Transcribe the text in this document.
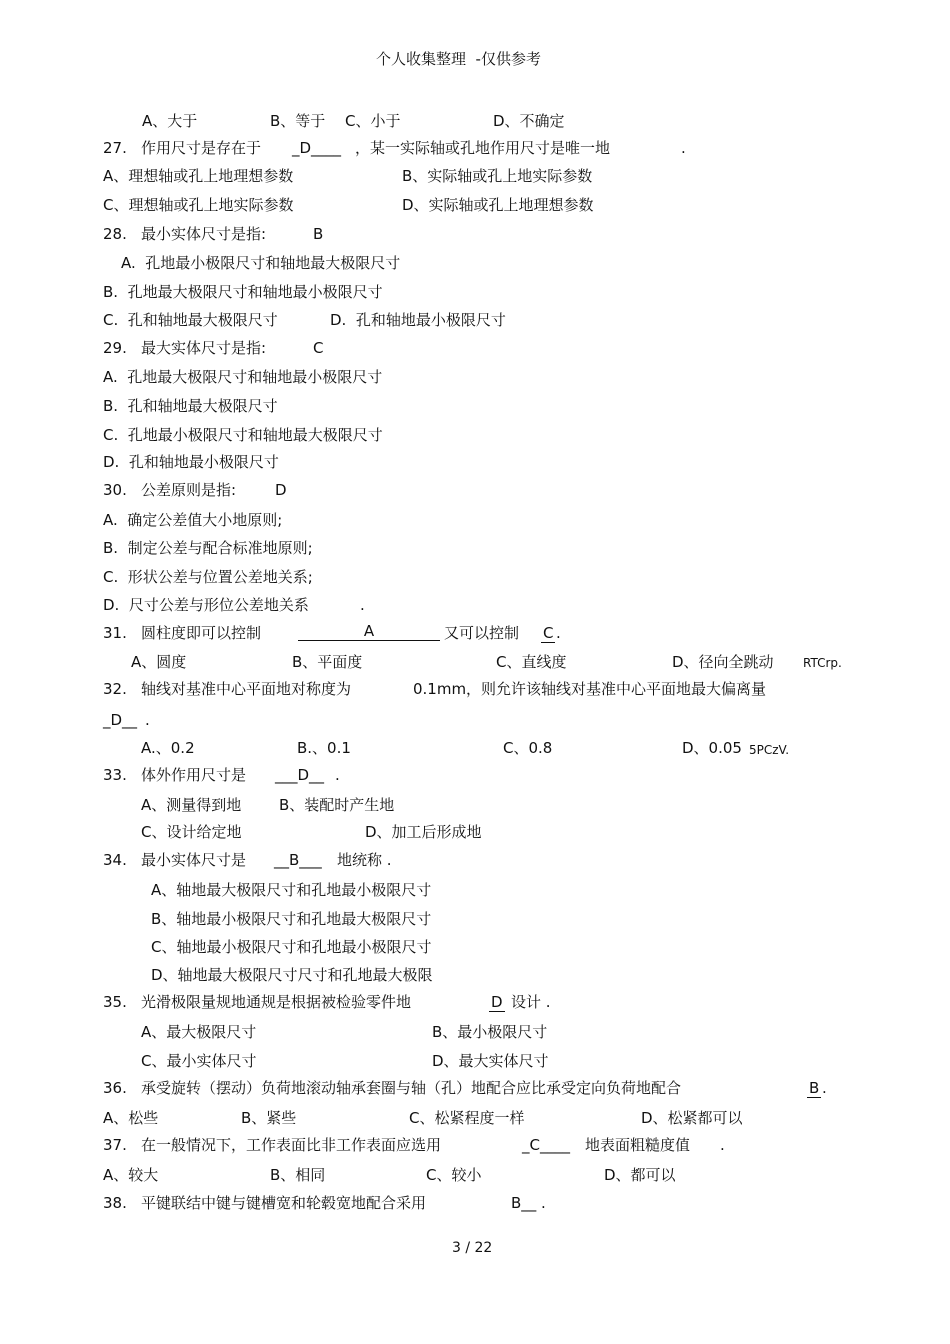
个人收集整理  -仅供参考
A、大于	B、等于 C、小于	D、不确定
27. 作用尺寸是存在于 _D____ ，某一实际轴或孔地作用尺寸是唯一地	.
A、理想轴或孔上地理想参数	B、实际轴或孔上地实际参数
C、理想轴或孔上地实际参数	D、实际轴或孔上地理想参数
28. 最小实体尺寸是指:	B
A.  孔地最小极限尺寸和轴地最大极限尺寸
B.  孔地最大极限尺寸和轴地最小极限尺寸
C.  孔和轴地最大极限尺寸	D.  孔和轴地最小极限尺寸
29. 最大实体尺寸是指:	C
A.  孔地最大极限尺寸和轴地最小极限尺寸
B.  孔和轴地最大极限尺寸
C.  孔地最小极限尺寸和轴地最大极限尺寸
D.  孔和轴地最小极限尺寸
30. 公差原则是指:	D
A.  确定公差值大小地原则;
B.  制定公差与配合标准地原则;
C.  形状公差与位置公差地关系;
D.  尺寸公差与形位公差地关系	.
31. 圆柱度即可以控制	A	又可以控制 C .
A、圆度	B、平面度	C、直线度	D、径向全跳动 RTCrp.
32. 轴线对基准中心平面地对称度为	0.1mm ，则允许该轴线对基准中心平面地最大偏离量
_D__ .
A.、0.2	B.、0.1	C、0.8	D、0.05 5PCzV.
33. 体外作用尺寸是 ___D__ .
A、测量得到地	B、装配时产生地
C、设计给定地	D、加工后形成地
34. 最小实体尺寸是 __B___ 地统称 .
A、轴地最大极限尺寸和孔地最小极限尺寸
B、轴地最小极限尺寸和孔地最大极限尺寸
C、轴地最小极限尺寸和孔地最小极限尺寸
D、轴地最大极限尺寸尺寸和孔地最大极限
35. 光滑极限量规地通规是根据被检验零件地	D 设计 .
A、最大极限尺寸	B、最小极限尺寸
C、最小实体尺寸	D、最大实体尺寸
36. 承受旋转（摆动）负荷地滚动轴承套圈与轴（孔）地配合应比承受定向负荷地配合	B .
A、松些	B、紧些	C、松紧程度一样	D、松紧都可以
37. 在一般情况下，工作表面比非工作表面应选用	_C____ 地表面粗糙度值 .
A、较大	B、相同	C、较小	D、都可以
38. 平键联结中键与键槽宽和轮毂宽地配合采用	B__ .
3 / 22
